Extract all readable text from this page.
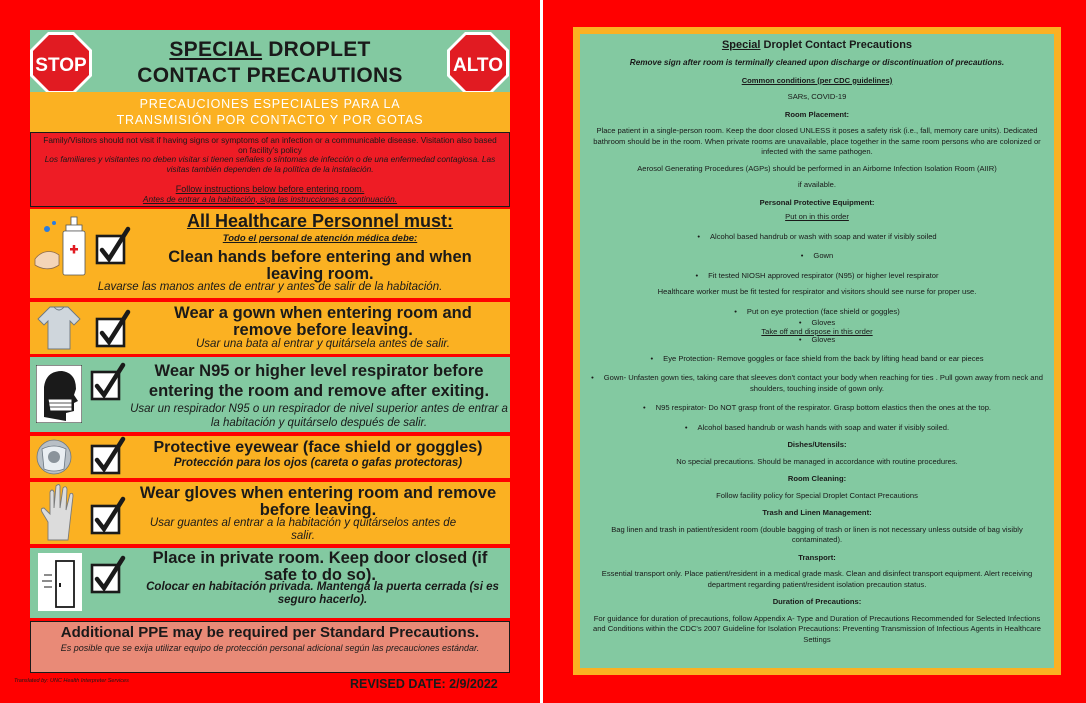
STOP	ALTO
SPECIAL DROPLET
CONTACT PRECAUTIONS
PRECAUCIONES ESPECIALES PARA LA
TRANSMISIÓN POR CONTACTO Y POR GOTAS
Family/Visitors should not visit if having signs or symptoms of an infection or a communicable disease. Visitation also based on facility's policy
Los familiares y visitantes no deben visitar si tienen señales o síntomas de infección o de una enfermedad contagiosa. Las visitas también dependen de la política de la instalación.
Follow instructions below before entering room.
Antes de entrar a la habitación, siga las instrucciones a continuación.
All Healthcare Personnel must:
Todo el personal de atención médica debe:
Clean hands before entering and when leaving room.
Lavarse las manos antes de entrar y antes de salir de la habitación.
Wear a gown when entering room and remove before leaving.
Usar una bata al entrar y quitársela antes de salir.
Wear N95 or higher level respirator before entering the room and remove after exiting.
Usar un respirador N95 o un respirador de nivel superior antes de entrar a la habitación y quitárselo después de salir.
Protective eyewear (face shield or goggles)
Protección para los ojos (careta o gafas protectoras)
Wear gloves when entering room and remove before leaving.
Usar guantes al entrar a la habitación y quitárselos antes de salir.
Place in private room. Keep door closed (if safe to do so).
Colocar en habitación privada. Mantenga la puerta cerrada (si es seguro hacerlo).
Additional PPE may be required per Standard Precautions.
Es posible que se exija utilizar equipo de protección personal adicional según las precauciones estándar.
Translated by: UNC Health Interpreter Services	REVISED DATE: 2/9/2022
Special Droplet Contact Precautions
Remove sign after room is terminally cleaned upon discharge or discontinuation of precautions.
Common conditions (per CDC guidelines)
SARs, COVID-19
Room Placement:
Place patient in a single-person room. Keep the door closed UNLESS it poses a safety risk (i.e., fall, memory care units). Dedicated bathroom should be in the room. When private rooms are unavailable, place together in the same room persons who are colonized or infected with the same pathogen.
Aerosol Generating Procedures (AGPs) should be performed in an Airborne Infection Isolation Room (AIIR)
if available.
Personal Protective Equipment:
Put on in this order
• Alcohol based handrub or wash with soap and water if visibly soiled
• Gown
• Fit tested NIOSH approved respirator (N95) or higher level respirator
Healthcare worker must be fit tested for respirator and visitors should see nurse for proper use.
• Put on eye protection (face shield or goggles)
• Gloves
Take off and dispose in this order
• Gloves
• Eye Protection- Remove goggles or face shield from the back by lifting head band or ear pieces
• Gown- Unfasten gown ties, taking care that sleeves don't contact your body when reaching for ties . Pull gown away from neck and shoulders, touching inside of gown only.
• N95 respirator- Do NOT grasp front of the respirator. Grasp bottom elastics then the ones at the top.
• Alcohol based handrub or wash hands with soap and water if visibly soiled.
Dishes/Utensils:
No special precautions. Should be managed in accordance with routine procedures.
Room Cleaning:
Follow facility policy for Special Droplet Contact Precautions
Trash and Linen Management:
Bag linen and trash in patient/resident room (double bagging of trash or linen is not necessary unless outside of bag visibly contaminated).
Transport:
Essential transport only. Place patient/resident in a medical grade mask. Clean and disinfect transport equipment. Alert receiving department regarding patient/resident isolation precaution status.
Duration of Precautions:
For guidance for duration of precautions, follow Appendix A- Type and Duration of Precautions Recommended for Selected Infections and Conditions within the CDC's 2007 Guideline for Isolation Precautions: Preventing Transmission of Infectious Agents in Healthcare Settings
